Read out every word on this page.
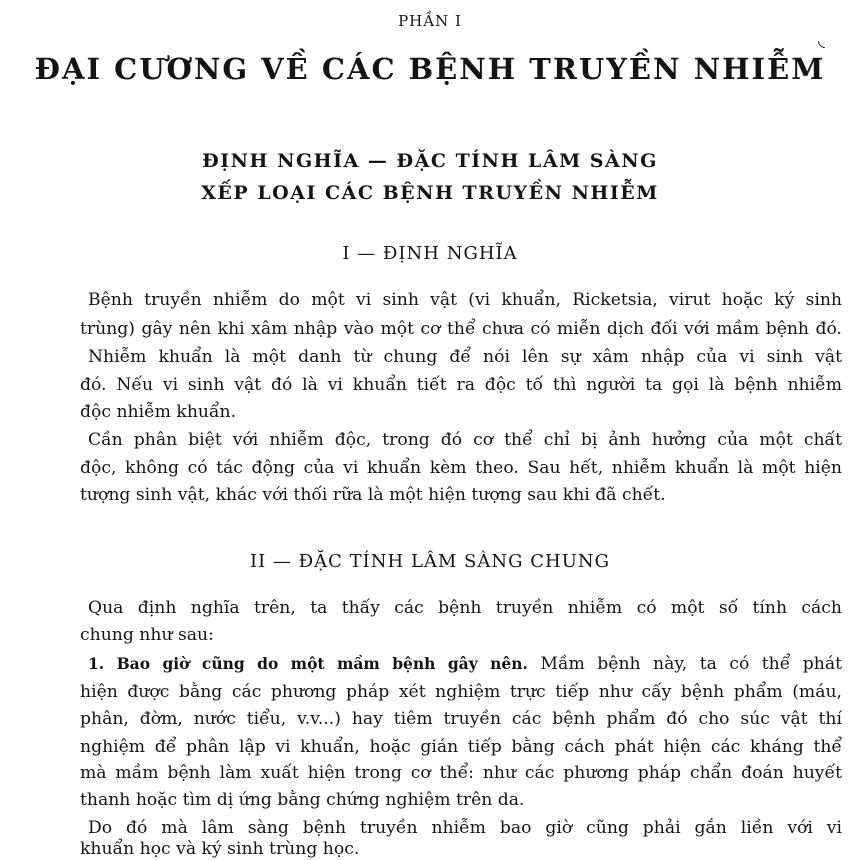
PHẦN I
ĐẠI CƯƠNG VỀ CÁC BỆNH TRUYỀN NHIỄM
ĐỊNH NGHĨA — ĐẶC TÍNH LÂM SÀNG
XẾP LOẠI CÁC BỆNH TRUYỀN NHIỄM
I — ĐỊNH NGHĨA
Bệnh truyền nhiễm do một vi sinh vật (vi khuẩn, Ricketsia, virut hoặc ký sinh
trùng) gây nên khi xâm nhập vào một cơ thể chưa có miễn dịch đối với mầm bệnh đó.
Nhiễm khuẩn là một danh từ chung để nói lên sự xâm nhập của vi sinh vật
đó. Nếu vi sinh vật đó là vi khuẩn tiết ra độc tố thì người ta gọi là bệnh nhiễm
độc nhiễm khuẩn.
Cần phân biệt với nhiễm độc, trong đó cơ thể chỉ bị ảnh hưởng của một chất
độc, không có tác động của vi khuẩn kèm theo. Sau hết, nhiễm khuẩn là một hiện
tượng sinh vật, khác với thối rữa là một hiện tượng sau khi đã chết.
II — ĐẶC TÍNH LÂM SÀNG CHUNG
Qua định nghĩa trên, ta thấy các bệnh truyền nhiễm có một số tính cách
chung như sau:
1. Bao giờ cũng do một mầm bệnh gây nên. Mầm bệnh này, ta có thể phát
hiện được bằng các phương pháp xét nghiệm trực tiếp như cấy bệnh phẩm (máu,
phân, đờm, nước tiểu, v.v...) hay tiêm truyền các bệnh phẩm đó cho súc vật thí
nghiệm để phân lập vi khuẩn, hoặc gián tiếp bằng cách phát hiện các kháng thể
mà mầm bệnh làm xuất hiện trong cơ thể: như các phương pháp chẩn đoán huyết
thanh hoặc tìm dị ứng bằng chứng nghiệm trên da.
Do đó mà lâm sàng bệnh truyền nhiễm bao giờ cũng phải gắn liền với vi
khuẩn học và ký sinh trùng học.
◟
